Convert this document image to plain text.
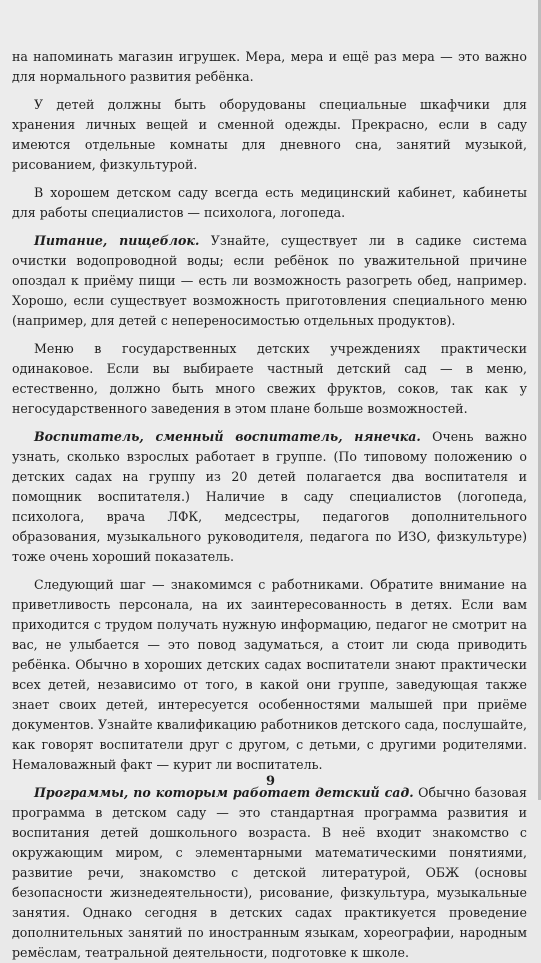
на напоминать магазин игрушек. Мера, мера и ещё раз мера — это важно для нормального развития ребёнка.

У детей должны быть оборудованы специальные шкафчики для хранения личных вещей и сменной одежды. Прекрасно, если в саду имеются отдельные комнаты для дневного сна, занятий музыкой, рисованием, физкультурой.

В хорошем детском саду всегда есть медицинский кабинет, кабинеты для работы специалистов — психолога, логопеда.

Питание, пищеблок. Узнайте, существует ли в садике система очистки водопроводной воды; если ребёнок по уважительной причине опоздал к приёму пищи — есть ли возможность разогреть обед, например. Хорошо, если существует возможность приготовления специального меню (например, для детей с непереносимостью отдельных продуктов).

Меню в государственных детских учреждениях практически одинаковое. Если вы выбираете частный детский сад — в меню, естественно, должно быть много свежих фруктов, соков, так как у негосударственного заведения в этом плане больше возможностей.

Воспитатель, сменный воспитатель, нянечка. Очень важно узнать, сколько взрослых работает в группе. (По типовому положению о детских садах на группу из 20 детей полагается два воспитателя и помощник воспитателя.) Наличие в саду специалистов (логопеда, психолога, врача ЛФК, медсестры, педагогов дополнительного образования, музыкального руководителя, педагога по ИЗО, физкультуре) тоже очень хороший показатель.

Следующий шаг — знакомимся с работниками. Обратите внимание на приветливость персонала, на их заинтересованность в детях. Если вам приходится с трудом получать нужную информацию, педагог не смотрит на вас, не улыбается — это повод задуматься, а стоит ли сюда приводить ребёнка. Обычно в хороших детских садах воспитатели знают практически всех детей, независимо от того, в какой они группе, заведующая также знает своих детей, интересуется особенностями малышей при приёме документов. Узнайте квалификацию работников детского сада, послушайте, как говорят воспитатели друг с другом, с детьми, с другими родителями. Немаловажный факт — курит ли воспитатель.

Программы, по которым работает детский сад. Обычно базовая программа в детском саду — это стандартная программа развития и воспитания детей дошкольного возраста. В неё входит знакомство с окружающим миром, с элементарными математическими понятиями, развитие речи, знакомство с детской литературой, ОБЖ (основы безопасности жизнедеятельности), рисование, физкультура, музыкальные занятия. Однако сегодня в детских садах практикуется проведение дополнительных занятий по иностранным языкам, хореографии, народным ремёслам, театральной деятельности, подготовке к школе.

9
